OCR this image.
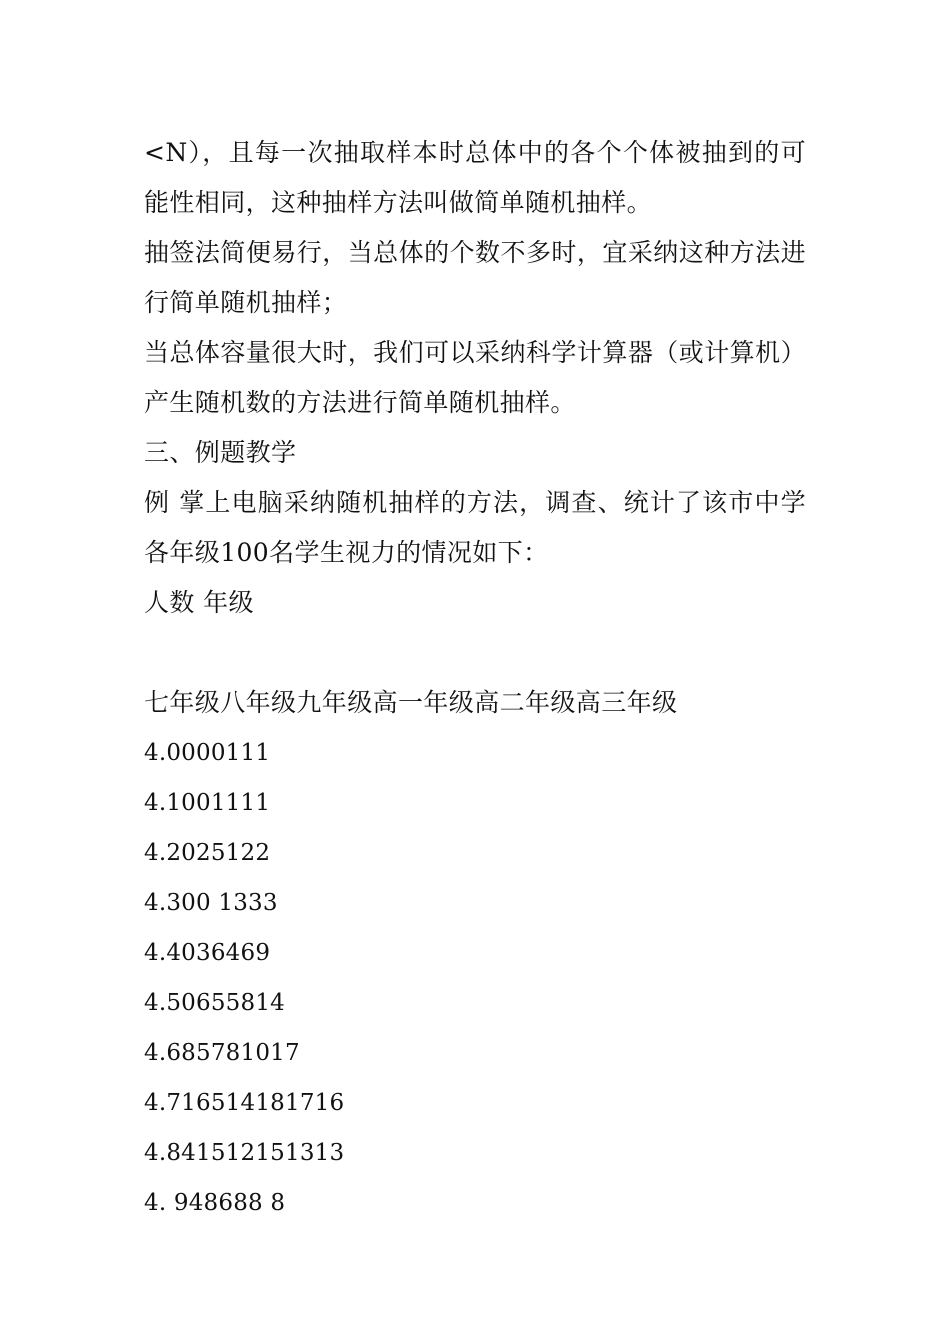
<N），且每一次抽取样本时总体中的各个个体被抽到的可能性相同，这种抽样方法叫做简单随机抽样。
抽签法简便易行，当总体的个数不多时，宜采纳这种方法进行简单随机抽样；
当总体容量很大时，我们可以采纳科学计算器（或计算机）产生随机数的方法进行简单随机抽样。
三、例题教学
例 掌上电脑采纳随机抽样的方法，调查、统计了该市中学各年级100名学生视力的情况如下：
人数 年级
七年级八年级九年级高一年级高二年级高三年级
4.0000111
4.1001111
4.2025122
4.300 1333
4.4036469
4.50655814
4.685781017
4.716514181716
4.841512151313
4. 948688 8
